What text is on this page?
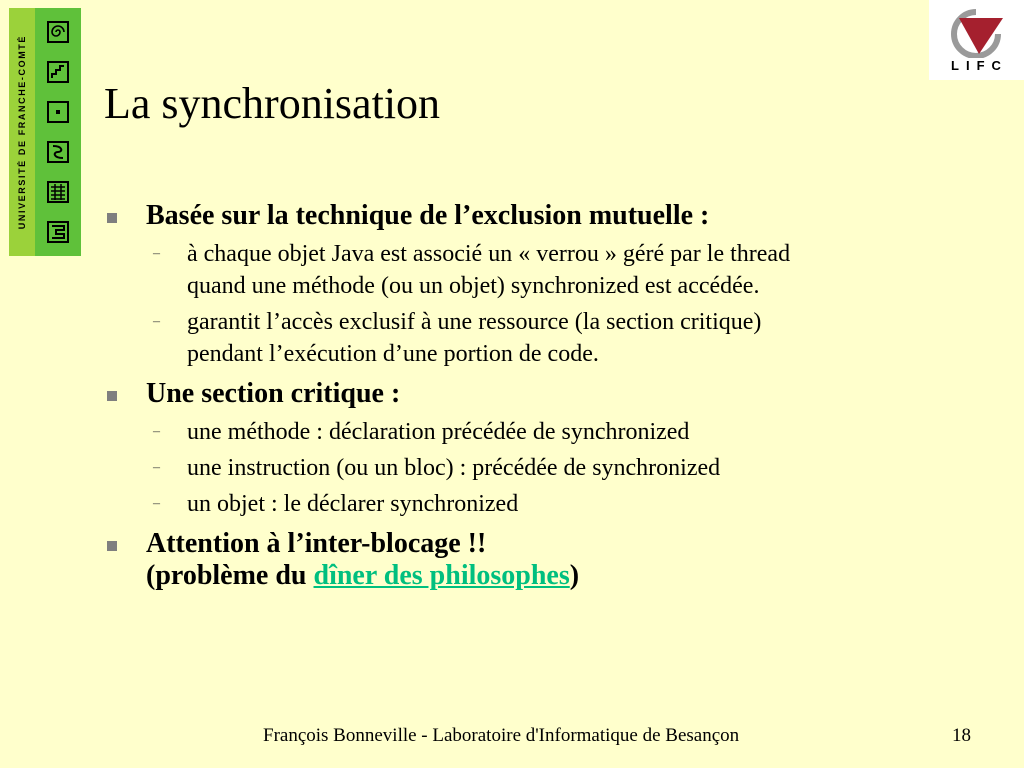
UNIVERSITÉ DE FRANCHE-COMTÉ	LIFC
La synchronisation
Basée sur la technique de l’exclusion mutuelle :
– à chaque objet Java est associé un « verrou » géré par le thread
quand une méthode (ou un objet) synchronized est accédée.
– garantit l’accès exclusif à une ressource (la section critique)
pendant l’exécution d’une portion de code.
Une section critique :
– une méthode : déclaration précédée de synchronized
– une instruction (ou un bloc) : précédée de synchronized
– un objet : le déclarer synchronized
Attention à l’inter-blocage !!
(problème du dîner des philosophes)
François Bonneville - Laboratoire d'Informatique de Besançon	18
